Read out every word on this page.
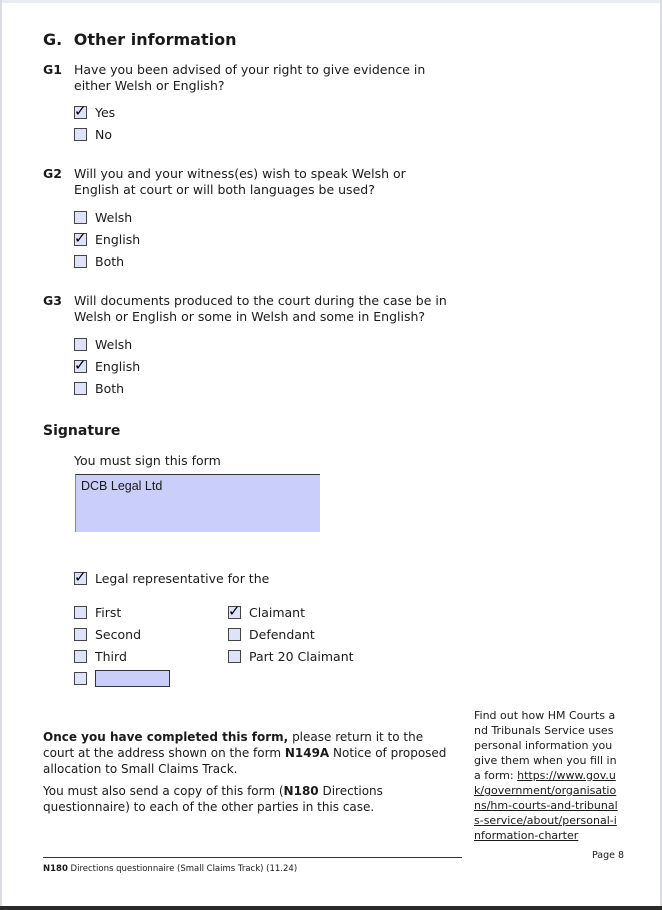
G. Other information
G1 Have you been advised of your right to give evidence in either Welsh or English?
✓
Yes
No
G2 Will you and your witness(es) wish to speak Welsh or English at court or will both languages be used?
Welsh
✓
English
Both
G3 Will documents produced to the court during the case be in Welsh or English or some in Welsh and some in English?
Welsh
✓
English
Both
Signature
You must sign this form
DCB Legal Ltd
✓
Legal representative for the
First
Second
Third
✓
Claimant
Defendant
Part 20 Claimant
Once you have completed this form, please return it to the court at the address shown on the form N149A Notice of proposed allocation to Small Claims Track.
You must also send a copy of this form (N180 Directions questionnaire) to each of the other parties in this case.
Find out how HM Courts and Tribunals Service uses personal information you give them when you fill in a form: https://www.gov.uk/government/organisations/hm-courts-and-tribunals-service/about/personal-information-charter
Page 8
N180 Directions questionnaire (Small Claims Track) (11.24)
